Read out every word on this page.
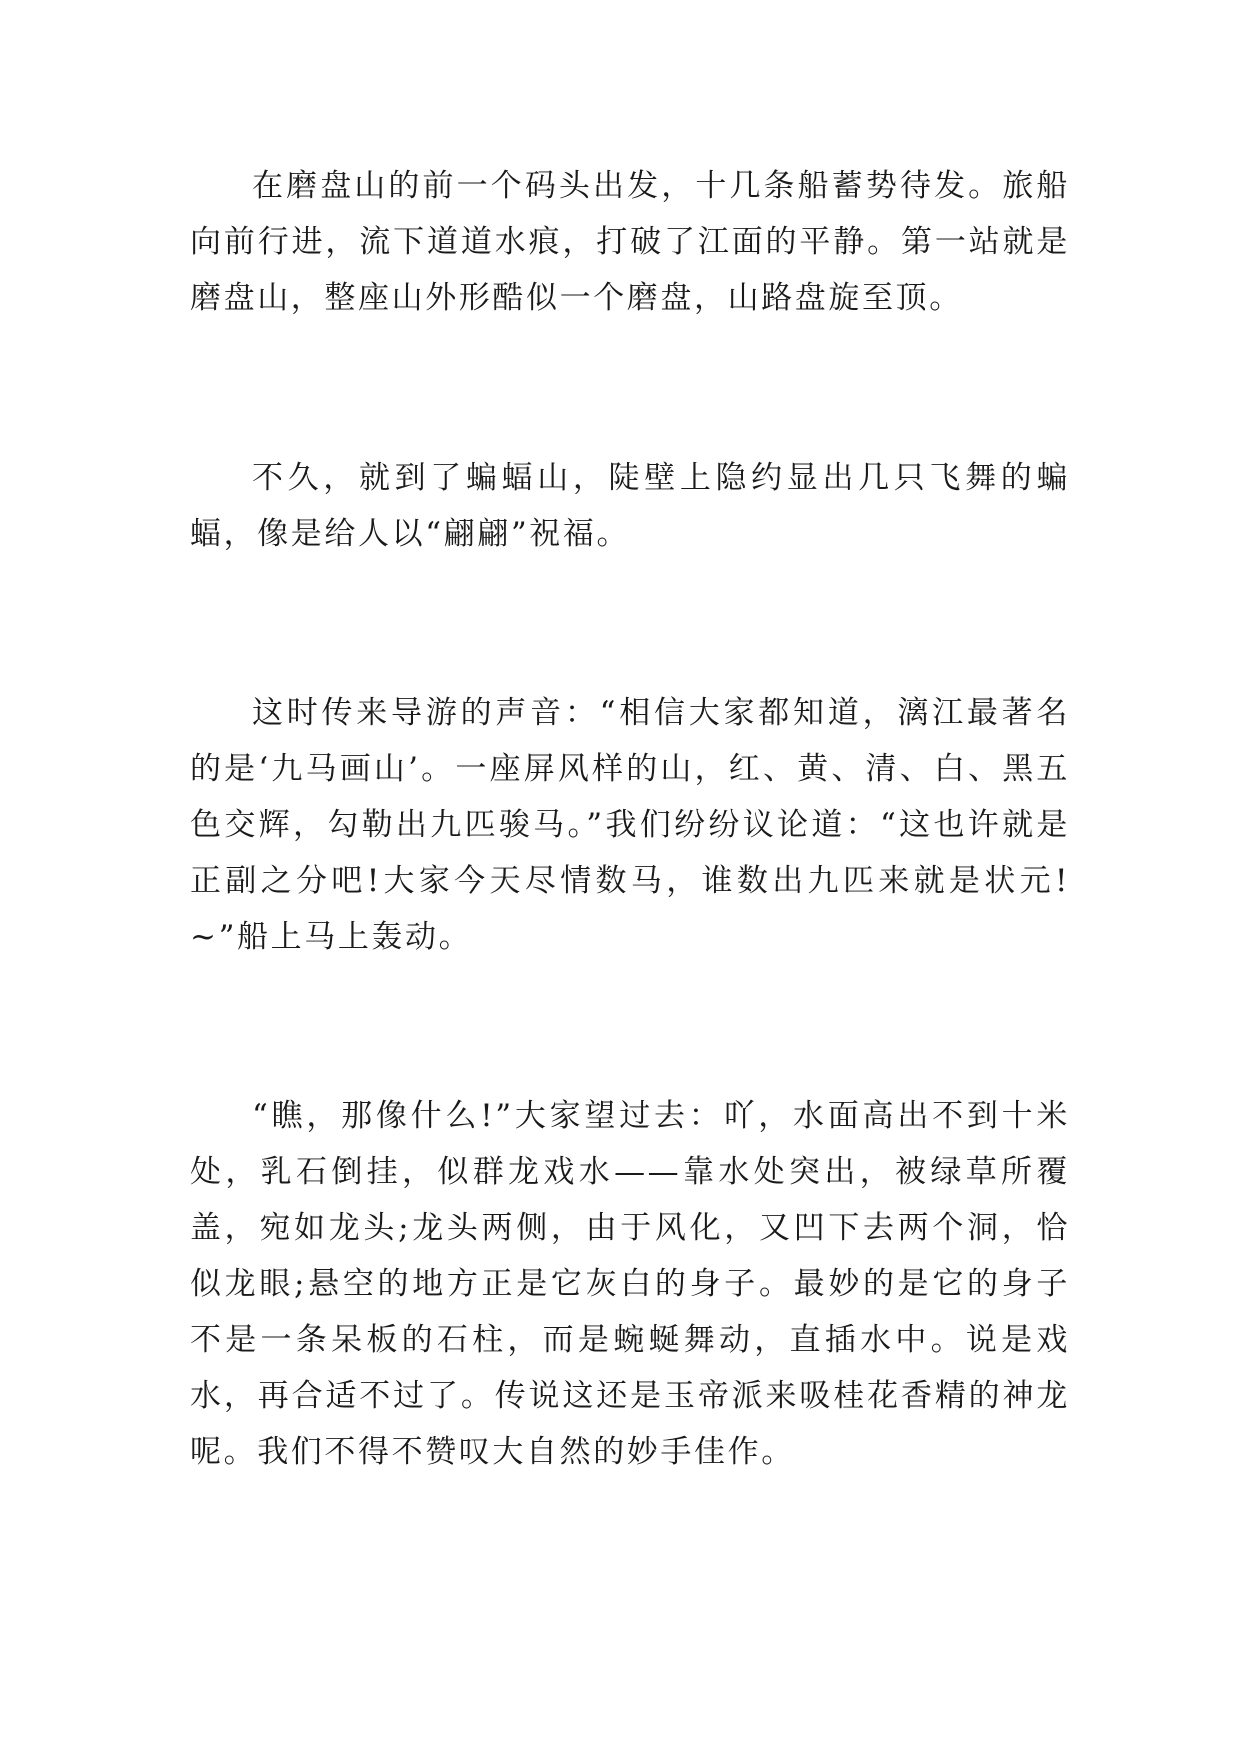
在磨盘山的前一个码头出发，十几条船蓄势待发。旅船向前行进，流下道道水痕，打破了江面的平静。第一站就是磨盘山，整座山外形酷似一个磨盘，山路盘旋至顶。

不久，就到了蝙蝠山，陡壁上隐约显出几只飞舞的蝙蝠，像是给人以“翩翩”祝福。

这时传来导游的声音：“相信大家都知道，漓江最著名的是‘九马画山’。一座屏风样的山，红、黄、清、白、黑五色交辉，勾勒出九匹骏马。”我们纷纷议论道：“这也许就是正副之分吧!大家今天尽情数马，谁数出九匹来就是状元!~”船上马上轰动。

“瞧，那像什么!”大家望过去：吖，水面高出不到十米处，乳石倒挂，似群龙戏水——靠水处突出，被绿草所覆盖，宛如龙头;龙头两侧，由于风化，又凹下去两个洞，恰似龙眼;悬空的地方正是它灰白的身子。最妙的是它的身子不是一条呆板的石柱，而是蜿蜒舞动，直插水中。说是戏水，再合适不过了。传说这还是玉帝派来吸桂花香精的神龙呢。我们不得不赞叹大自然的妙手佳作。
